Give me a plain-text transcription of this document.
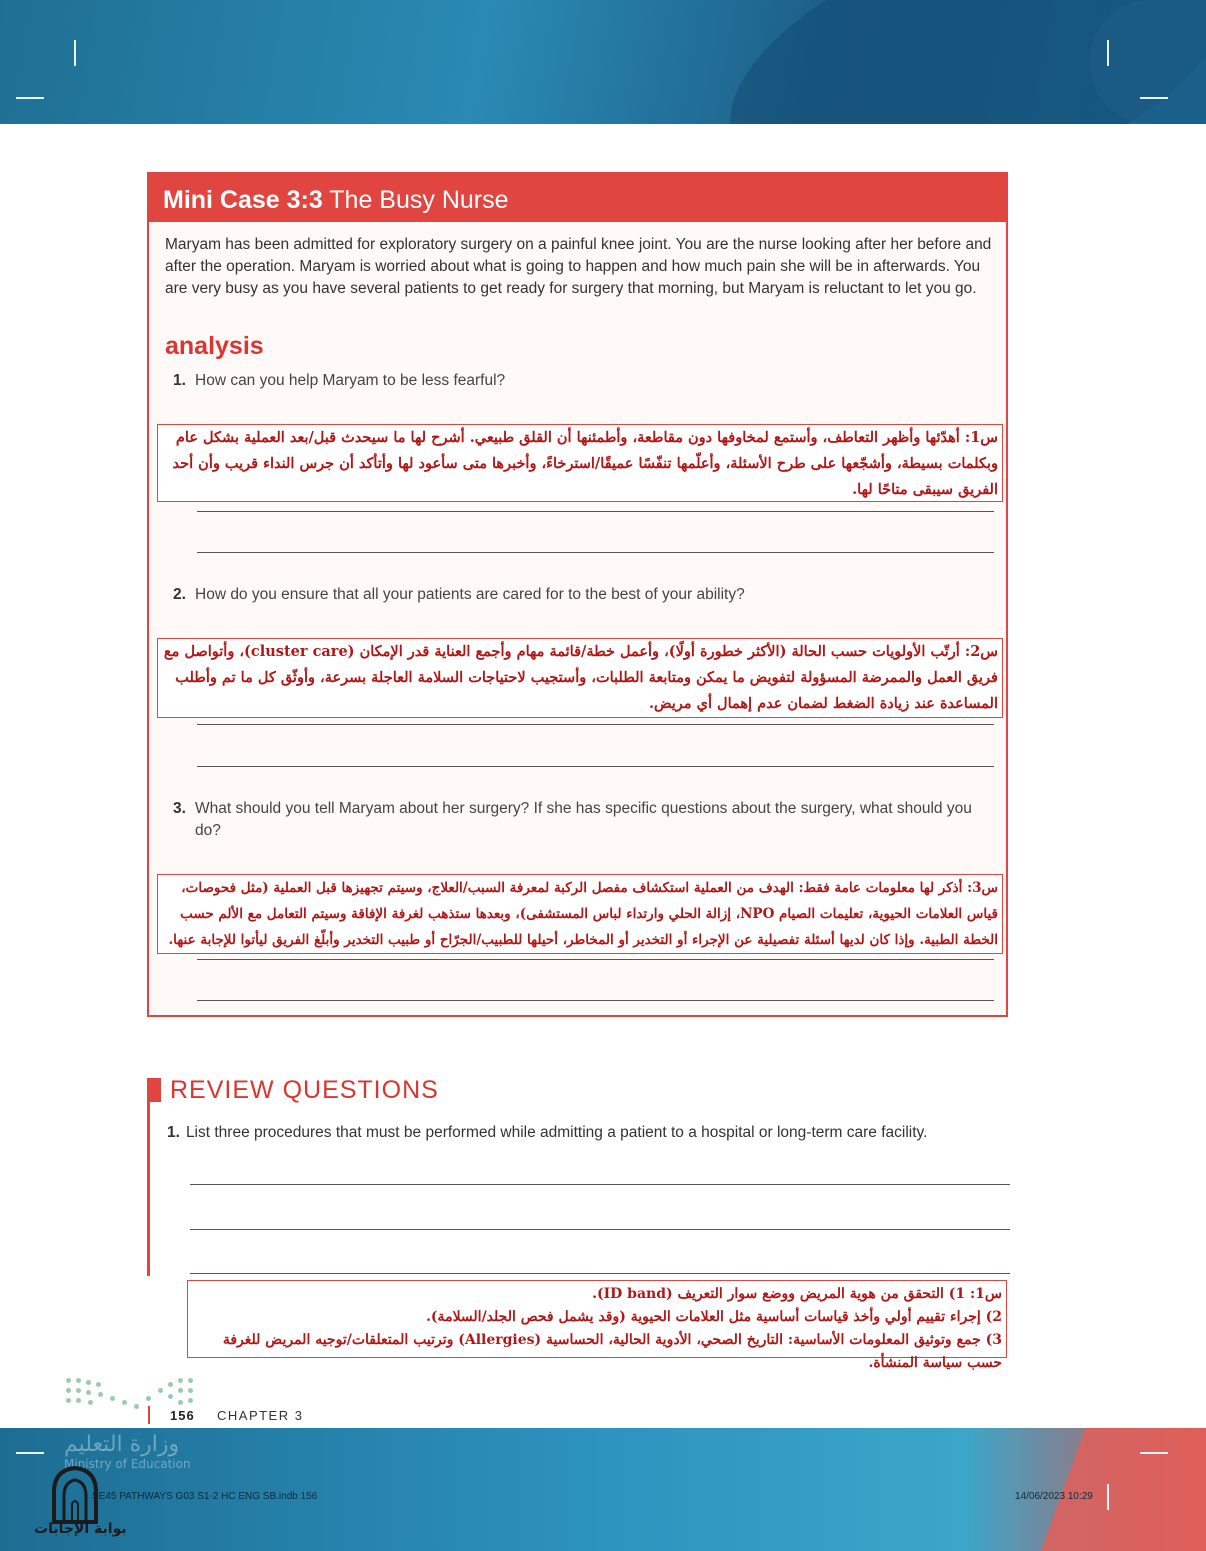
Mini Case 3:3 The Busy Nurse
Maryam has been admitted for exploratory surgery on a painful knee joint. You are the nurse looking after her before and after the operation. Maryam is worried about what is going to happen and how much pain she will be in afterwards. You are very busy as you have several patients to get ready for surgery that morning, but Maryam is reluctant to let you go.
analysis
1. How can you help Maryam to be less fearful?
س1: أهدّئها وأظهر التعاطف، وأستمع لمخاوفها دون مقاطعة، وأطمئنها أن القلق طبيعي. أشرح لها ما سيحدث قبل/بعد العملية بشكل عام وبكلمات بسيطة، وأشجّعها على طرح الأسئلة، وأعلّمها تنفّسًا عميقًا/استرخاءً، وأخبرها متى سأعود لها وأتأكد أن جرس النداء قريب وأن أحد الفريق سيبقى متاحًا لها.
2. How do you ensure that all your patients are cared for to the best of your ability?
س2: أرتّب الأولويات حسب الحالة (الأكثر خطورة أولًا)، وأعمل خطة/قائمة مهام وأجمع العناية قدر الإمكان (cluster care)، وأتواصل مع فريق العمل والممرضة المسؤولة لتفويض ما يمكن ومتابعة الطلبات، وأستجيب لاحتياجات السلامة العاجلة بسرعة، وأوثّق كل ما تم وأطلب المساعدة عند زيادة الضغط لضمان عدم إهمال أي مريض.
3. What should you tell Maryam about her surgery? If she has specific questions about the surgery, what should you do?
س3: أذكر لها معلومات عامة فقط: الهدف من العملية استكشاف مفصل الركبة لمعرفة السبب/العلاج، وسيتم تجهيزها قبل العملية (مثل فحوصات، قياس العلامات الحيوية، تعليمات الصيام NPO، إزالة الحلي وارتداء لباس المستشفى)، وبعدها ستذهب لغرفة الإفاقة وسيتم التعامل مع الألم حسب الخطة الطبية. وإذا كان لديها أسئلة تفصيلية عن الإجراء أو التخدير أو المخاطر، أحيلها للطبيب/الجرّاح أو طبيب التخدير وأبلّغ الفريق ليأتوا للإجابة عنها.
REVIEW QUESTIONS
1. List three procedures that must be performed while admitting a patient to a hospital or long-term care facility.
س1: 1) التحقق من هوية المريض ووضع سوار التعريف (ID band).
2) إجراء تقييم أولي وأخذ قياسات أساسية مثل العلامات الحيوية (وقد يشمل فحص الجلد/السلامة).
3) جمع وتوثيق المعلومات الأساسية: التاريخ الصحي، الأدوية الحالية، الحساسية (Allergies) وترتيب المتعلقات/توجيه المريض للغرفة حسب سياسة المنشأة.
156 CHAPTER 3
وزارة التعليم
Ministry of Education
SE45 PATHWAYS G03 S1-2 HC ENG SB.indb 156	14/06/2023 10:29
بوابة الإجابات
